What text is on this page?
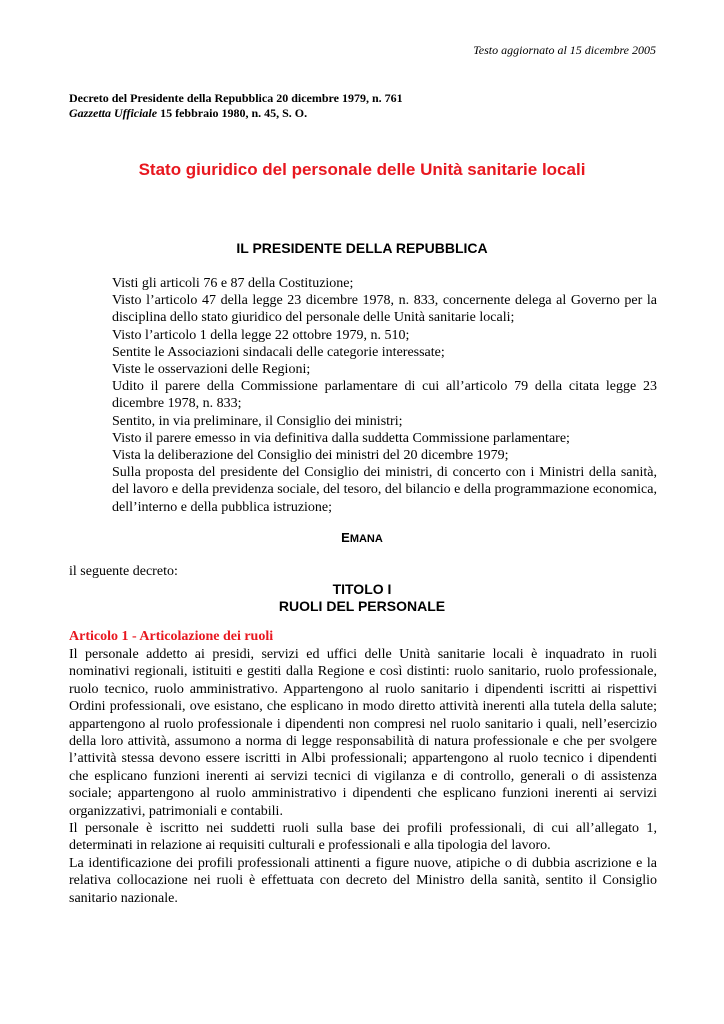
Testo aggiornato al 15 dicembre 2005
Decreto del Presidente della Repubblica 20 dicembre 1979, n. 761
Gazzetta Ufficiale 15 febbraio 1980, n. 45, S. O.
Stato giuridico del personale delle Unità sanitarie locali
IL PRESIDENTE DELLA REPUBBLICA
Visti gli articoli 76 e 87 della Costituzione;
Visto l’articolo 47 della legge 23 dicembre 1978, n. 833, concernente delega al Governo per la disciplina dello stato giuridico del personale delle Unità sanitarie locali;
Visto l’articolo 1 della legge 22 ottobre 1979, n. 510;
Sentite le Associazioni sindacali delle categorie interessate;
Viste le osservazioni delle Regioni;
Udito il parere della Commissione parlamentare di cui all’articolo 79 della citata legge 23 dicembre 1978, n. 833;
Sentito, in via preliminare, il Consiglio dei ministri;
Visto il parere emesso in via definitiva dalla suddetta Commissione parlamentare;
Vista la deliberazione del Consiglio dei ministri del 20 dicembre 1979;
Sulla proposta del presidente del Consiglio dei ministri, di concerto con i Ministri della sanità, del lavoro e della previdenza sociale, del tesoro, del bilancio e della programmazione economica, dell’interno e della pubblica istruzione;
EMANA
il seguente decreto:
TITOLO I
RUOLI DEL PERSONALE
Articolo 1 - Articolazione dei ruoli

Il personale addetto ai presidi, servizi ed uffici delle Unità sanitarie locali è inquadrato in ruoli nominativi regionali, istituiti e gestiti dalla Regione e così distinti: ruolo sanitario, ruolo professionale, ruolo tecnico, ruolo amministrativo. Appartengono al ruolo sanitario i dipendenti iscritti ai rispettivi Ordini professionali, ove esistano, che esplicano in modo diretto attività inerenti alla tutela della salute; appartengono al ruolo professionale i dipendenti non compresi nel ruolo sanitario i quali, nell’esercizio della loro attività, assumono a norma di legge responsabilità di natura professionale e che per svolgere l’attività stessa devono essere iscritti in Albi professionali; appartengono al ruolo tecnico i dipendenti che esplicano funzioni inerenti ai servizi tecnici di vigilanza e di controllo, generali o di assistenza sociale; appartengono al ruolo amministrativo i dipendenti che esplicano funzioni inerenti ai servizi organizzativi, patrimoniali e contabili.

Il personale è iscritto nei suddetti ruoli sulla base dei profili professionali, di cui all’allegato 1, determinati in relazione ai requisiti culturali e professionali e alla tipologia del lavoro.

La identificazione dei profili professionali attinenti a figure nuove, atipiche o di dubbia ascrizione e la relativa collocazione nei ruoli è effettuata con decreto del Ministro della sanità, sentito il Consiglio sanitario nazionale.
